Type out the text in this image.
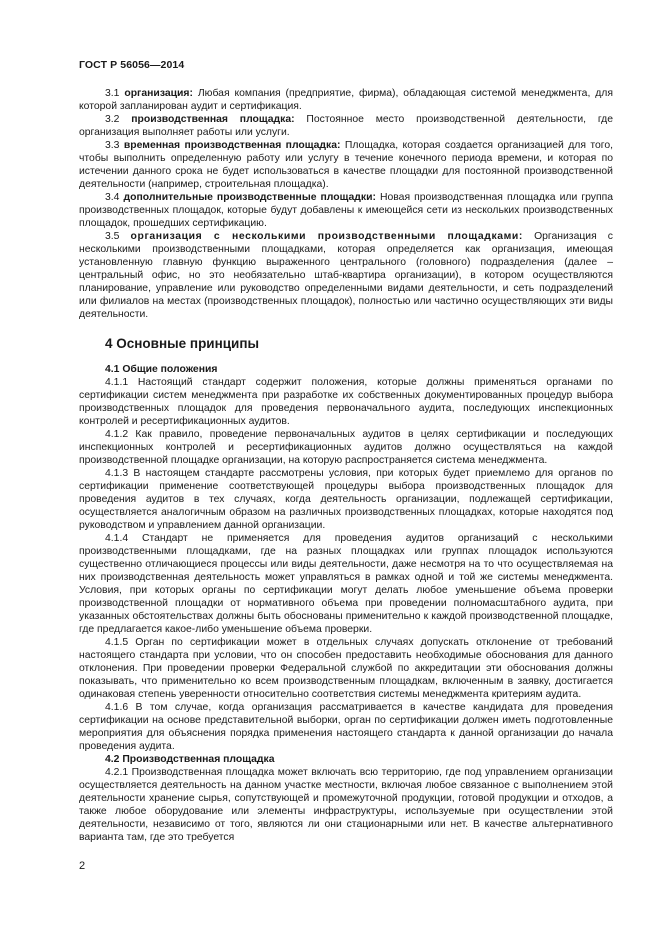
ГОСТ Р 56056—2014

3.1 организация: Любая компания (предприятие, фирма), обладающая системой менеджмента, для которой запланирован аудит и сертификация.

3.2 производственная площадка: Постоянное место производственной деятельности, где организация выполняет работы или услуги.

3.3 временная производственная площадка: Площадка, которая создается организацией для того, чтобы выполнить определенную работу или услугу в течение конечного периода времени, и которая по истечении данного срока не будет использоваться в качестве площадки для постоянной производственной деятельности (например, строительная площадка).

3.4 дополнительные производственные площадки: Новая производственная площадка или группа производственных площадок, которые будут добавлены к имеющейся сети из нескольких производственных площадок, прошедших сертификацию.

3.5 организация с несколькими производственными площадками: Организация с несколькими производственными площадками, которая определяется как организация, имеющая установленную главную функцию выраженного центрального (головного) подразделения (далее – центральный офис, но это необязательно штаб-квартира организации), в котором осуществляются планирование, управление или руководство определенными видами деятельности, и сеть подразделений или филиалов на местах (производственных площадок), полностью или частично осуществляющих эти виды деятельности.

4 Основные принципы
4.1 Общие положения

4.1.1 Настоящий стандарт содержит положения, которые должны применяться органами по сертификации систем менеджмента при разработке их собственных документированных процедур выбора производственных площадок для проведения первоначального аудита, последующих инспекционных контролей и ресертификационных аудитов.

4.1.2 Как правило, проведение первоначальных аудитов в целях сертификации и последующих инспекционных контролей и ресертификационных аудитов должно осуществляться на каждой производственной площадке организации, на которую распространяется система менеджмента.

4.1.3 В настоящем стандарте рассмотрены условия, при которых будет приемлемо для органов по сертификации применение соответствующей процедуры выбора производственных площадок для проведения аудитов в тех случаях, когда деятельность организации, подлежащей сертификации, осуществляется аналогичным образом на различных производственных площадках, которые находятся под руководством и управлением данной организации.

4.1.4 Стандарт не применяется для проведения аудитов организаций с несколькими производственными площадками, где на разных площадках или группах площадок используются существенно отличающиеся процессы или виды деятельности, даже несмотря на то что осуществляемая на них производственная деятельность может управляться в рамках одной и той же системы менеджмента. Условия, при которых органы по сертификации могут делать любое уменьшение объема проверки производственной площадки от нормативного объема при проведении полномасштабного аудита, при указанных обстоятельствах должны быть обоснованы применительно к каждой производственной площадке, где предлагается какое-либо уменьшение объема проверки.

4.1.5 Орган по сертификации может в отдельных случаях допускать отклонение от требований настоящего стандарта при условии, что он способен предоставить необходимые обоснования для данного отклонения. При проведении проверки Федеральной службой по аккредитации эти обоснования должны показывать, что применительно ко всем производственным площадкам, включенным в заявку, достигается одинаковая степень уверенности относительно соответствия системы менеджмента критериям аудита.

4.1.6 В том случае, когда организация рассматривается в качестве кандидата для проведения сертификации на основе представительной выборки, орган по сертификации должен иметь подготовленные мероприятия для объяснения порядка применения настоящего стандарта к данной организации до начала проведения аудита.

4.2 Производственная площадка

4.2.1 Производственная площадка может включать всю территорию, где под управлением организации осуществляется деятельность на данном участке местности, включая любое связанное с выполнением этой деятельности хранение сырья, сопутствующей и промежуточной продукции, готовой продукции и отходов, а также любое оборудование или элементы инфраструктуры, используемые при осуществлении этой деятельности, независимо от того, являются ли они стационарными или нет. В качестве альтернативного варианта там, где это требуется

2
